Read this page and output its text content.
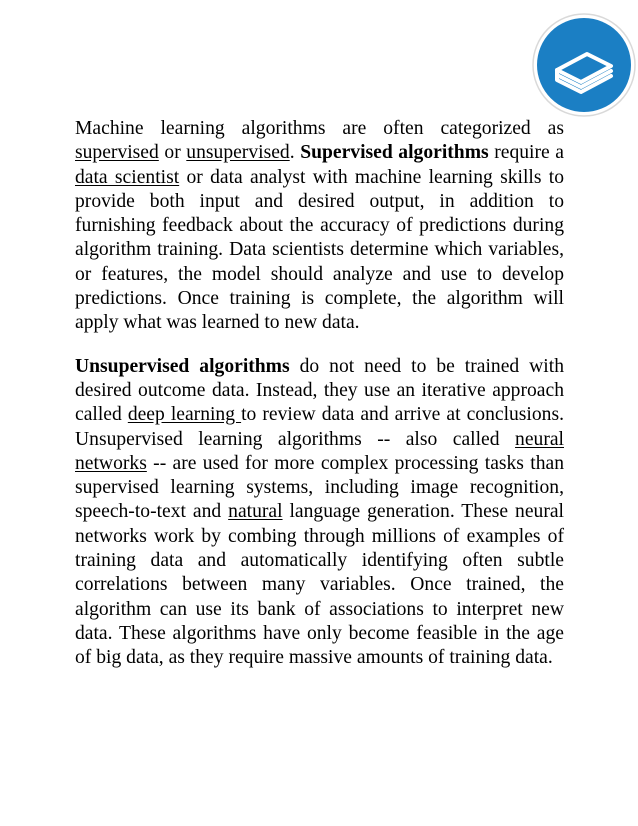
Machine learning algorithms are often categorized as supervised or unsupervised. Supervised algorithms require a data scientist or data analyst with machine learning skills to provide both input and desired output, in addition to furnishing feedback about the accuracy of predictions during algorithm training. Data scientists determine which variables, or features, the model should analyze and use to develop predictions. Once training is complete, the algorithm will apply what was learned to new data.

Unsupervised algorithms do not need to be trained with desired outcome data. Instead, they use an iterative approach called deep learning to review data and arrive at conclusions. Unsupervised learning algorithms -- also called neural networks -- are used for more complex processing tasks than supervised learning systems, including image recognition, speech-to-text and natural language generation. These neural networks work by combing through millions of examples of training data and automatically identifying often subtle correlations between many variables. Once trained, the algorithm can use its bank of associations to interpret new data. These algorithms have only become feasible in the age of big data, as they require massive amounts of training data.
